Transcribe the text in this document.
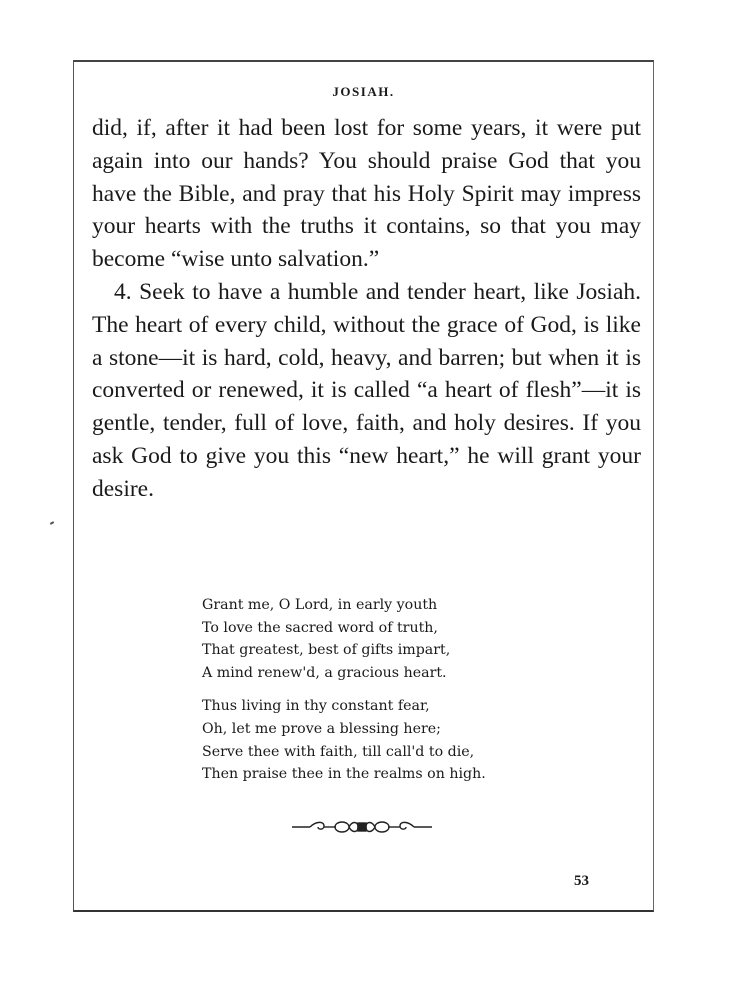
JOSIAH.

did, if, after it had been lost for some years, it were put again into our hands? You should praise God that you have the Bible, and pray that his Holy Spirit may impress your hearts with the truths it contains, so that you may become “wise unto salvation.”

4. Seek to have a humble and tender heart, like Josiah. The heart of every child, without the grace of God, is like a stone—it is hard, cold, heavy, and barren; but when it is converted or renewed, it is called “a heart of flesh”—it is gentle, tender, full of love, faith, and holy desires. If you ask God to give you this “new heart,” he will grant your desire.

Grant me, O Lord, in early youth
To love the sacred word of truth,
That greatest, best of gifts impart,
A mind renew'd, a gracious heart.
Thus living in thy constant fear,
Oh, let me prove a blessing here;
Serve thee with faith, till call'd to die,
Then praise thee in the realms on high.
53
